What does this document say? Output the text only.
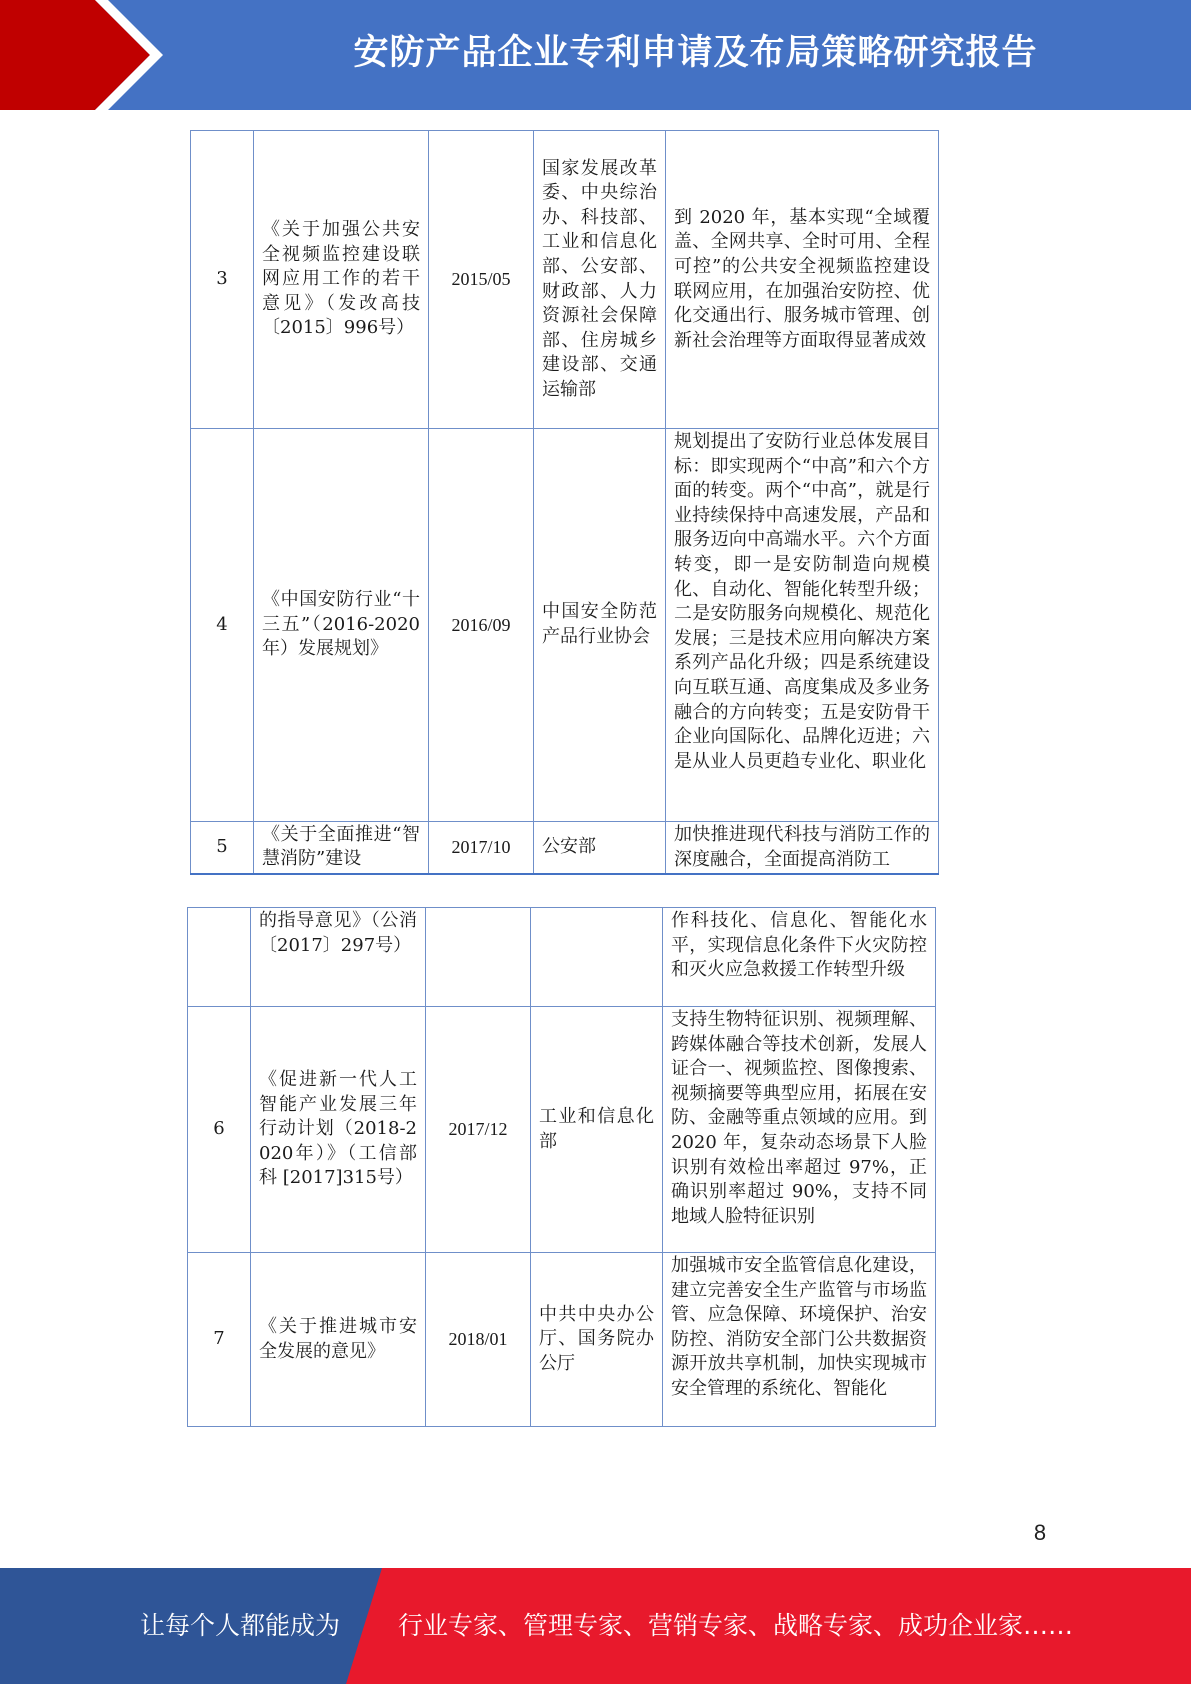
安防产品企业专利申请及布局策略研究报告
3	《关于加强公共安全视频监控建设联网应用工作的若干意见》（发改高技〔2015〕996号）	2015/05	国家发展改革委、中央综治办、科技部、工业和信息化部、公安部、财政部、人力资源社会保障部、住房城乡建设部、交通运输部	到 2020 年，基本实现“全域覆盖、全网共享、全时可用、全程可控”的公共安全视频监控建设联网应用，在加强治安防控、优化交通出行、服务城市管理、创新社会治理等方面取得显著成效
4	《中国安防行业“十三五”（2016-2020 年）发展规划》	2016/09	中国安全防范产品行业协会	规划提出了安防行业总体发展目标：即实现两个“中高”和六个方面的转变。两个“中高”，就是行业持续保持中高速发展，产品和服务迈向中高端水平。六个方面转变，即一是安防制造向规模化、自动化、智能化转型升级；二是安防服务向规模化、规范化发展；三是技术应用向解决方案系列产品化升级；四是系统建设向互联互通、高度集成及多业务融合的方向转变；五是安防骨干企业向国际化、品牌化迈进；六是从业人员更趋专业化、职业化
5	《关于全面推进“智慧消防”建设	2017/10	公安部	加快推进现代科技与消防工作的深度融合，全面提高消防工
	的指导意见》（公消〔2017〕297号）			作科技化、信息化、智能化水平，实现信息化条件下火灾防控和灭火应急救援工作转型升级
6	《促进新一代人工智能产业发展三年行动计划（2018-2020年）》（工信部科 [2017]315号）	2017/12	工业和信息化部	支持生物特征识别、视频理解、跨媒体融合等技术创新，发展人证合一、视频监控、图像搜索、视频摘要等典型应用，拓展在安防、金融等重点领域的应用。到 2020 年，复杂动态场景下人脸识别有效检出率超过 97%，正确识别率超过 90%，支持不同地域人脸特征识别
7	《关于推进城市安全发展的意见》	2018/01	中共中央办公厅、国务院办公厅	加强城市安全监管信息化建设，建立完善安全生产监管与市场监管、应急保障、环境保护、治安防控、消防安全部门公共数据资源开放共享机制，加快实现城市安全管理的系统化、智能化
8
让每个人都能成为 行业专家、管理专家、营销专家、战略专家、成功企业家……
